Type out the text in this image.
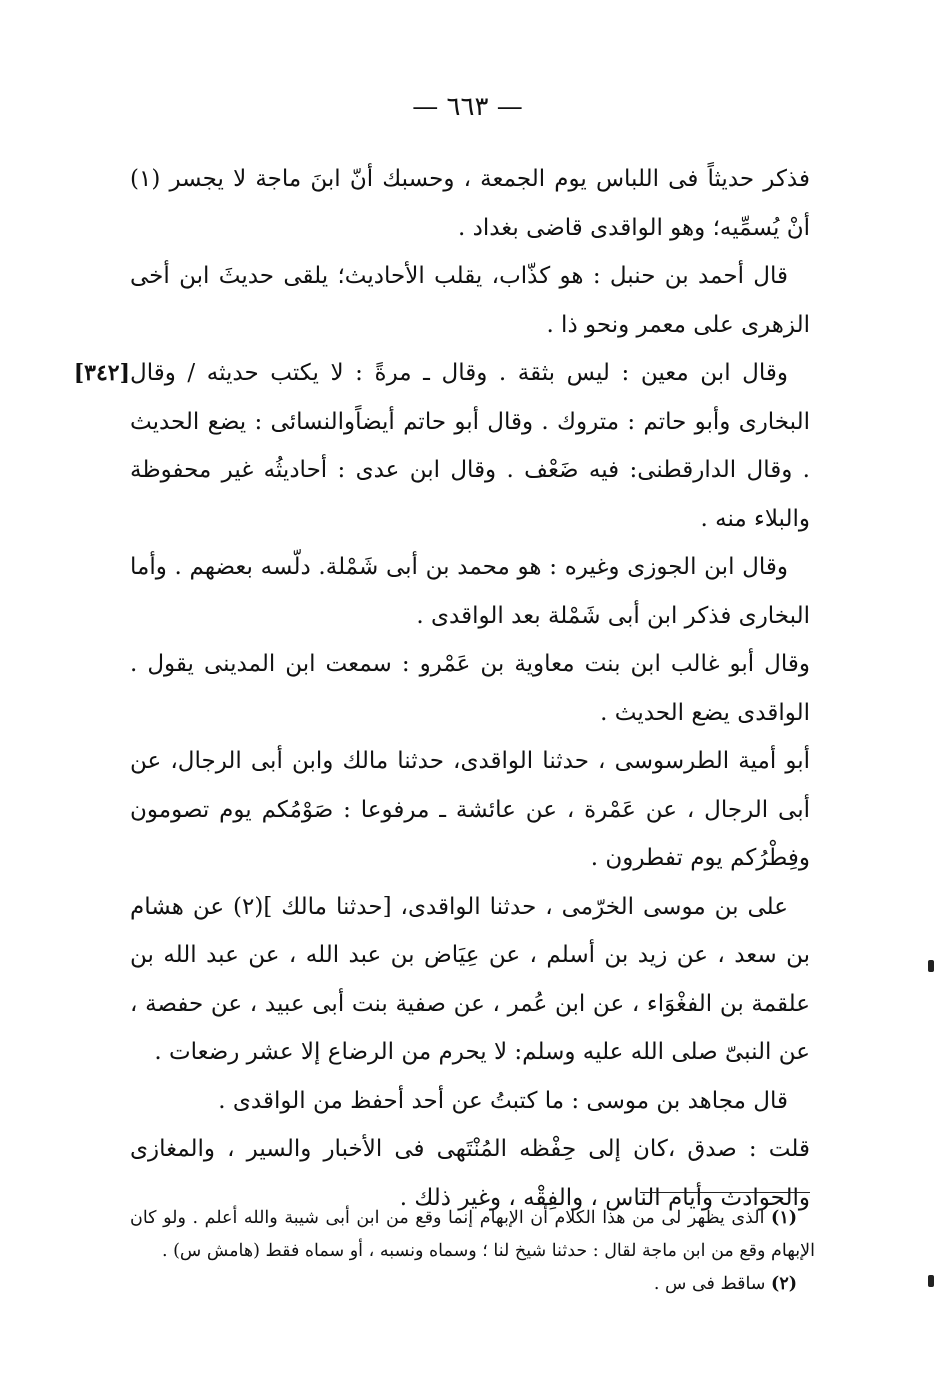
— ٦٦٣ —
[٣٤٢]

فذكر حديثاً فى اللباس يوم الجمعة ، وحسبك أنّ ابنَ ماجة لا يجسر (١) أنْ يُسمِّيه؛ وهو الواقدى قاضى بغداد .

قال أحمد بن حنبل : هو كذّاب، يقلب الأحاديث؛ يلقى حديثَ ابن أخى الزهرى على معمر ونحو ذا .

وقال ابن معين : ليس بثقة . وقال ـ مرةً : لا يكتب حديثه / وقال البخارى وأبو حاتم : متروك . وقال أبو حاتم أيضاًوالنسائى : يضع الحديث . وقال الدارقطنى: فيه ضَعْف . وقال ابن عدى : أحاديثُه غير محفوظة والبلاء منه .

وقال ابن الجوزى وغيره : هو محمد بن أبى شَمْلة. دلّسه بعضهم . وأما البخارى فذكر ابن أبى شَمْلة بعد الواقدى .

وقال أبو غالب ابن بنت معاوية بن عَمْرو : سمعت ابن المدينى يقول . الواقدى يضع الحديث .

أبو أمية الطرسوسى ، حدثنا الواقدى، حدثنا مالك وابن أبى الرجال، عن أبى الرجال ، عن عَمْرة ، عن عائشة ـ مرفوعا : صَوْمُكم يوم تصومون وفِطْرُكم يوم تفطرون .

على بن موسى الخرّمى ، حدثنا الواقدى، [حدثنا مالك ](٢) عن هشام بن سعد ، عن زيد بن أسلم ، عن عِيَاض بن عبد الله ، عن عبد الله بن علقمة بن الفغْوَاء ، عن ابن عُمر ، عن صفية بنت أبى عبيد ، عن حفصة ، عن النبىّ صلى الله عليه وسلم: لا يحرم من الرضاع إلا عشر رضعات .

قال مجاهد بن موسى : ما كتبتُ عن أحد أحفظ من الواقدى .

قلت : صدق ،كان إلى حِفْظه المُنْتَهى فى الأخبار والسير ، والمغازى والحوادث وأيام الناس ، والفِقْه ، وغير ذلك .

(١) الذى يظهر لى من هذا الكلام أن الإبهام إنما وقع من ابن أبى شيبة والله أعلم . ولو كان الإبهام وقع من ابن ماجة لقال : حدثنا شيخ لنا ؛ وسماه ونسبه ، أو سماه فقط (هامش س) .

(٢) ساقط فى س .
